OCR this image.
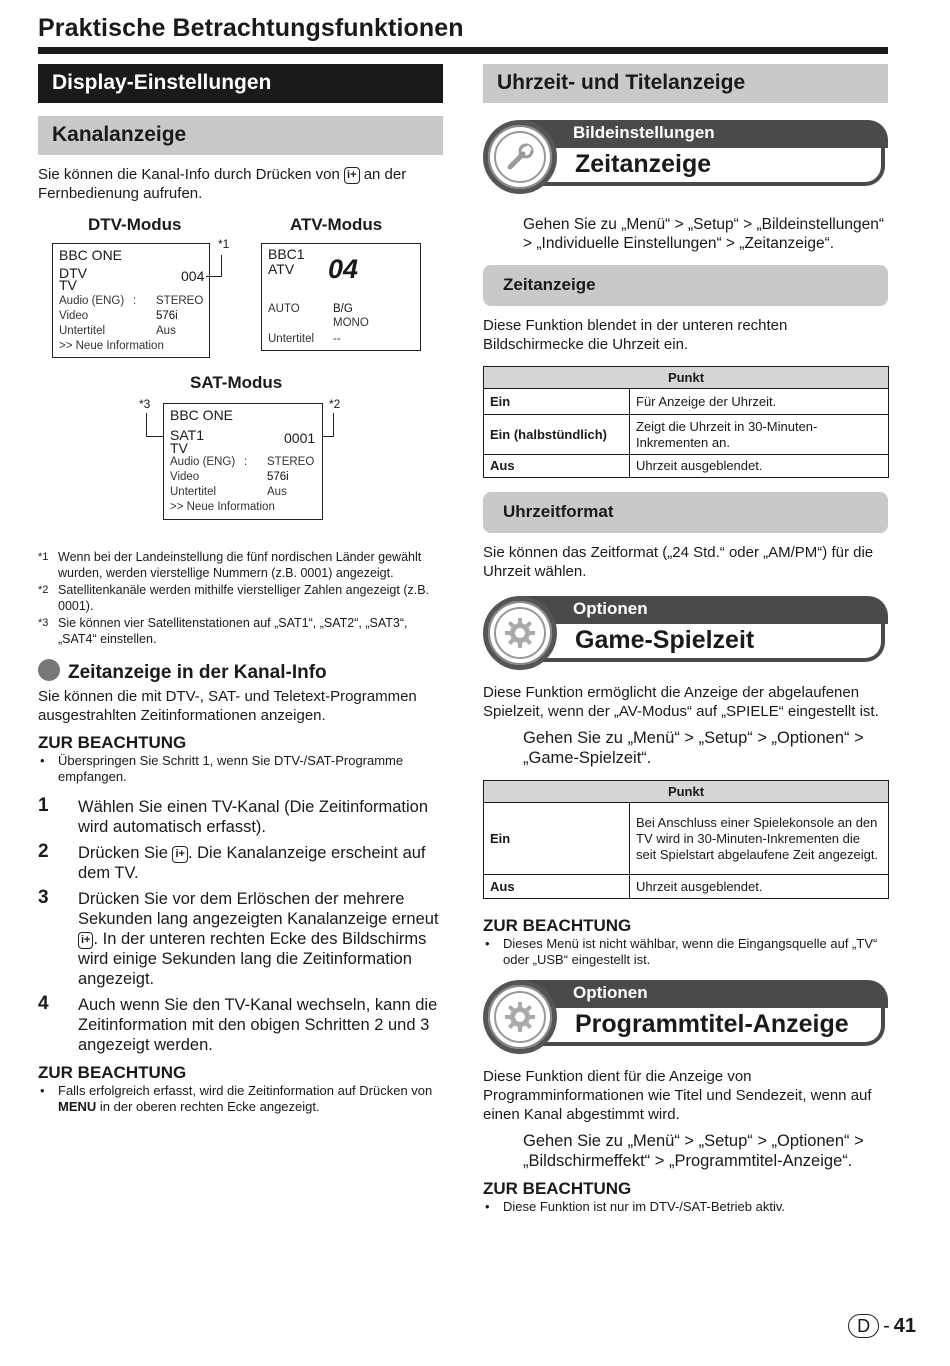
Praktische Betrachtungsfunktionen
Display-Einstellungen
Kanalanzeige
Sie können die Kanal-Info durch Drücken von i+ an der Fernbedienung aufrufen.
DTV-Modus	ATV-Modus
BBC ONE
DTV
TV
004
Audio (ENG) : STEREO
Video	576i
Untertitel	Aus
>> Neue Information
*1
BBC1
ATV 04
AUTO	B/G
MONO
Untertitel --
SAT-Modus
*3	*2
BBC ONE
SAT1
TV
0001
Audio (ENG) : STEREO
Video	576i
Untertitel	Aus
>> Neue Information
*1 Wenn bei der Landeinstellung die fünf nordischen Länder gewählt wurden, werden vierstellige Nummern (z.B. 0001) angezeigt.
*2 Satellitenkanäle werden mithilfe vierstelliger Zahlen angezeigt (z.B. 0001).
*3 Sie können vier Satellitenstationen auf „SAT1“, „SAT2“, „SAT3“, „SAT4“ einstellen.
Zeitanzeige in der Kanal-Info
Sie können die mit DTV-, SAT- und Teletext-Programmen ausgestrahlten Zeitinformationen anzeigen.
ZUR BEACHTUNG
• Überspringen Sie Schritt 1, wenn Sie DTV-/SAT-Programme empfangen.
1 Wählen Sie einen TV-Kanal (Die Zeitinformation wird automatisch erfasst).
2 Drücken Sie i+ . Die Kanalanzeige erscheint auf dem TV.
3 Drücken Sie vor dem Erlöschen der mehrere Sekunden lang angezeigten Kanalanzeige erneut i+ . In der unteren rechten Ecke des Bildschirms wird einige Sekunden lang die Zeitinformation angezeigt.
4 Auch wenn Sie den TV-Kanal wechseln, kann die Zeitinformation mit den obigen Schritten 2 und 3 angezeigt werden.
ZUR BEACHTUNG
• Falls erfolgreich erfasst, wird die Zeitinformation auf Drücken von MENU in der oberen rechten Ecke angezeigt.
Uhrzeit- und Titelanzeige
Bildeinstellungen
Zeitanzeige
Gehen Sie zu „Menü“ > „Setup“ > „Bildeinstellungen“ > „Individuelle Einstellungen“ > „Zeitanzeige“.
Zeitanzeige
Diese Funktion blendet in der unteren rechten Bildschirmecke die Uhrzeit ein.
Punkt	
Ein	Für Anzeige der Uhrzeit.
Ein (halbstündlich)	Zeigt die Uhrzeit in 30-Minuten-Inkrementen an.
Aus	Uhrzeit ausgeblendet.
Uhrzeitformat
Sie können das Zeitformat („24 Std.“ oder „AM/PM“) für die Uhrzeit wählen.
Optionen
Game-Spielzeit
Diese Funktion ermöglicht die Anzeige der abgelaufenen Spielzeit, wenn der „AV-Modus“ auf „SPIELE“ eingestellt ist.
Gehen Sie zu „Menü“ > „Setup“ > „Optionen“ > „Game-Spielzeit“.
Punkt	
Ein	Bei Anschluss einer Spielekonsole an den TV wird in 30-Minuten-Inkrementen die seit Spielstart abgelaufene Zeit angezeigt.
Aus	Uhrzeit ausgeblendet.
ZUR BEACHTUNG
• Dieses Menü ist nicht wählbar, wenn die Eingangsquelle auf „TV“ oder „USB“ eingestellt ist.
Optionen
Programmtitel-Anzeige
Diese Funktion dient für die Anzeige von Programminformationen wie Titel und Sendezeit, wenn auf einen Kanal abgestimmt wird.
Gehen Sie zu „Menü“ > „Setup“ > „Optionen“ > „Bildschirmeffekt“ > „Programmtitel-Anzeige“.
ZUR BEACHTUNG
• Diese Funktion ist nur im DTV-/SAT-Betrieb aktiv.
D - 41
